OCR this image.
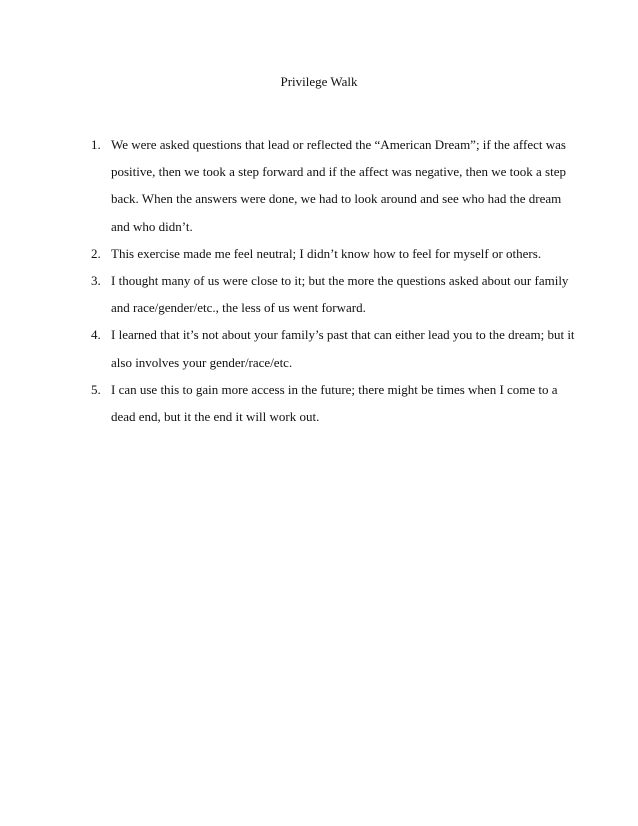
Privilege Walk
1. We were asked questions that lead or reflected the “American Dream”; if the affect was
positive, then we took a step forward and if the affect was negative, then we took a step
back. When the answers were done, we had to look around and see who had the dream
and who didn’t.
2. This exercise made me feel neutral; I didn’t know how to feel for myself or others.
3. I thought many of us were close to it; but the more the questions asked about our family
and race/gender/etc., the less of us went forward.
4. I learned that it’s not about your family’s past that can either lead you to the dream; but it
also involves your gender/race/etc.
5. I can use this to gain more access in the future; there might be times when I come to a
dead end, but it the end it will work out.
